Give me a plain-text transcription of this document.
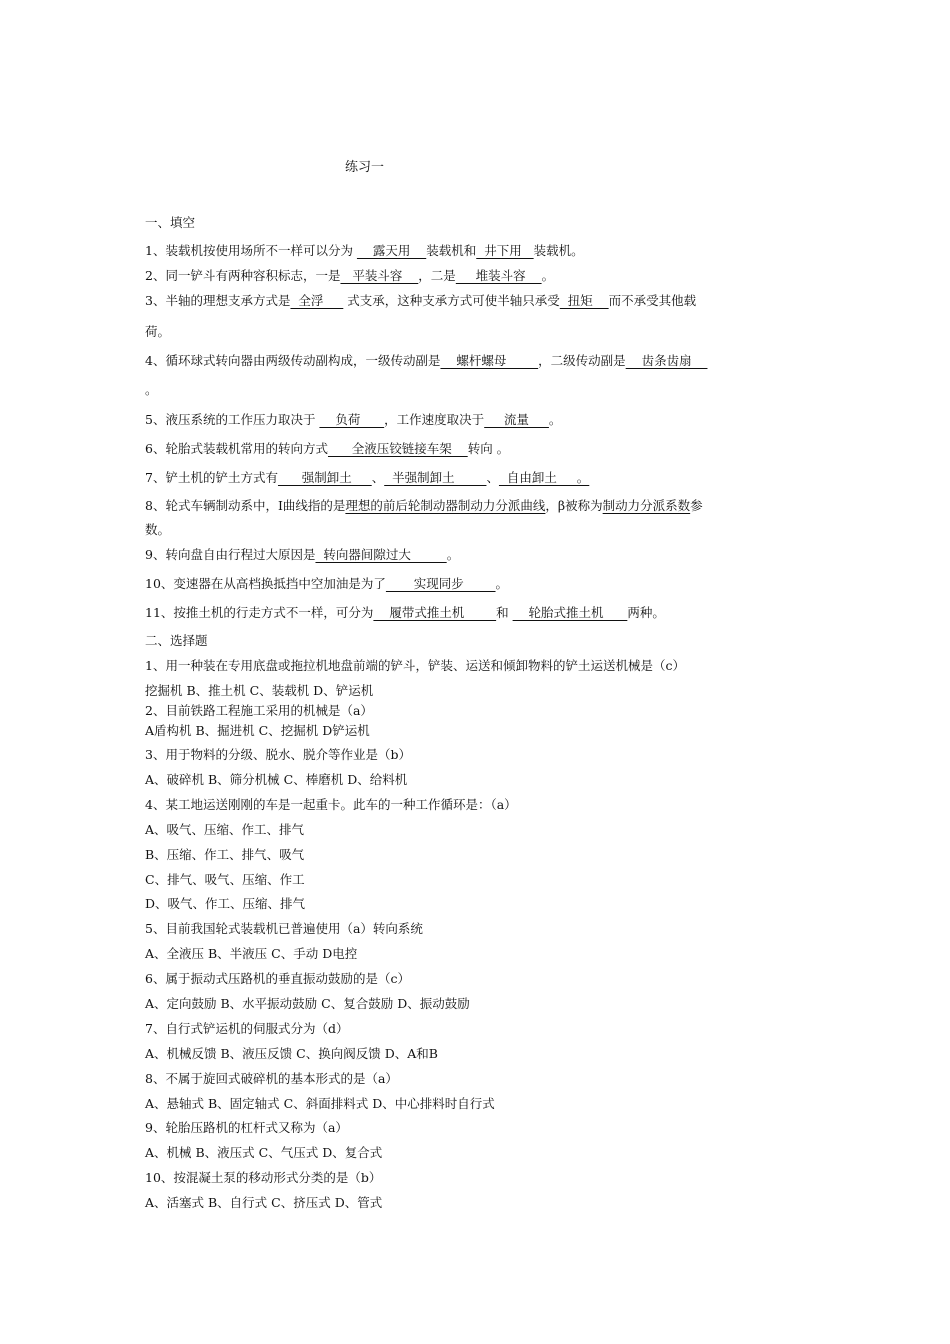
练习一
一、填空
1、装载机按使用场所不一样可以分为     露天用    装载机和  井下用   装载机。
2、同一铲斗有两种容积标志，一是   平装斗容    ，二是     堆装斗容    。
3、半轴的理想支承方式是  全浮      式支承，这种支承方式可使半轴只承受  扭矩    而不承受其他载
荷。
4、循环球式转向器由两级传动副构成，一级传动副是    螺杆螺母        ，二级传动副是    齿条齿扇
。
5、液压系统的工作压力取决于     负荷      ，工作速度取决于     流量     。
6、轮胎式装载机常用的转向方式      全液压铰链接车架    转向 。
7、铲土机的铲土方式有      强制卸土     、  半强制卸土        、  自由卸土     。
8、轮式车辆制动系中，I曲线指的是理想的前后轮制动器制动力分派曲线，β被称为制动力分派系数参
数。
9、转向盘自由行程过大原因是  转向器间隙过大         。
10、变速器在从高档换抵挡中空加油是为了       实现同步        。
11、按推土机的行走方式不一样，可分为    履带式推土机        和     轮胎式推土机      两种。
二、选择题
1、用一种装在专用底盘或拖拉机地盘前端的铲斗，铲装、运送和倾卸物料的铲土运送机械是（c）
挖掘机 B、推土机 C、装载机 D、铲运机
2、目前铁路工程施工采用的机械是（a）
A盾构机 B、掘进机 C、挖掘机 D铲运机
3、用于物料的分级、脱水、脱介等作业是（b）
A、破碎机 B、筛分机械 C、棒磨机 D、给料机
4、某工地运送刚刚的车是一起重卡。此车的一种工作循环是：（a）
A、吸气、压缩、作工、排气
B、压缩、作工、排气、吸气
C、排气、吸气、压缩、作工
D、吸气、作工、压缩、排气
5、目前我国轮式装载机已普遍使用（a）转向系统
A、全液压 B、半液压 C、手动 D电控
6、属于振动式压路机的垂直振动鼓励的是（c）
A、定向鼓励 B、水平振动鼓励 C、复合鼓励 D、振动鼓励
7、自行式铲运机的伺服式分为（d）
A、机械反馈 B、液压反馈 C、换向阀反馈 D、A和B
8、不属于旋回式破碎机的基本形式的是（a）
A、悬轴式 B、固定轴式 C、斜面排料式 D、中心排料时自行式
9、轮胎压路机的杠杆式又称为（a）
A、机械 B、液压式 C、气压式 D、复合式
10、按混凝土泵的移动形式分类的是（b）
A、活塞式 B、自行式 C、挤压式 D、管式
